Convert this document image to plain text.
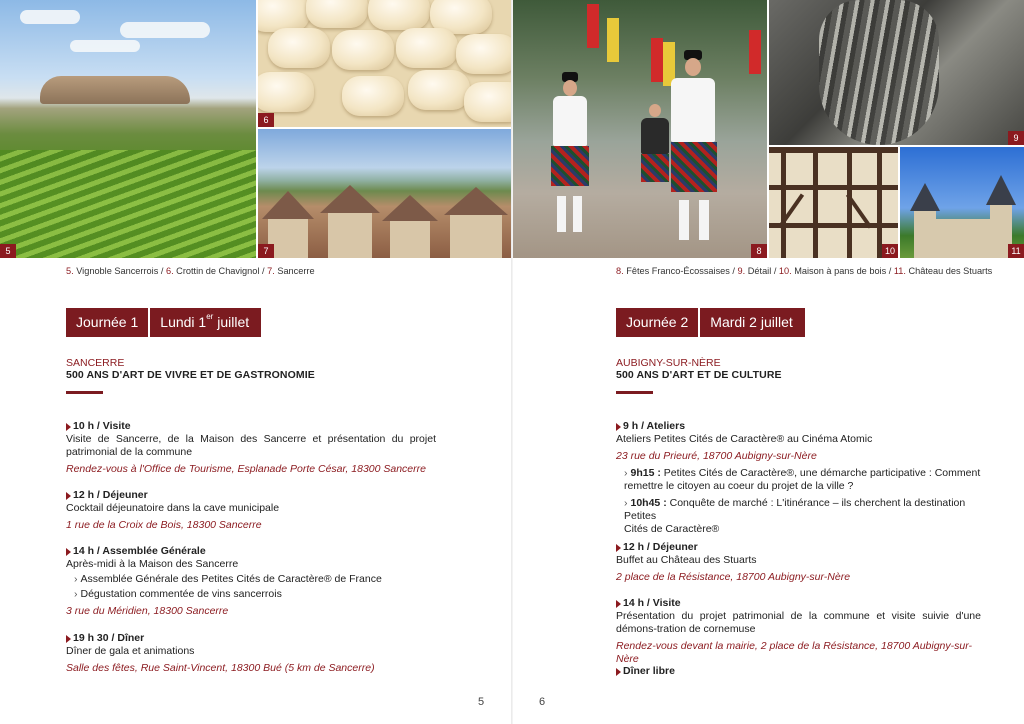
5
6
7	8
9
10	11
5. Vignoble Sancerrois / 6. Crottin de Chavignol / 7. Sancerre	8. Fêtes Franco-Écossaises / 9. Détail / 10. Maison à pans de bois / 11. Château des Stuarts
Journée 1	Lundi 1er juillet	Journée 2	Mardi 2 juillet
SANCERRE
500 ANS D'ART DE VIVRE ET DE GASTRONOMIE
10 h / Visite
Visite de Sancerre, de la Maison des Sancerre et présentation du projet patrimonial de la commune
Rendez-vous à l'Office de Tourisme, Esplanade Porte César, 18300 Sancerre
12 h / Déjeuner
Cocktail déjeunatoire dans la cave municipale
1 rue de la Croix de Bois, 18300 Sancerre
14 h / Assemblée Générale
Après-midi à la Maison des Sancerre
› Assemblée Générale des Petites Cités de Caractère® de France
› Dégustation commentée de vins sancerrois
3 rue du Méridien, 18300 Sancerre
19 h 30 / Dîner
Dîner de gala et animations
Salle des fêtes, Rue Saint-Vincent, 18300 Bué (5 km de Sancerre)
AUBIGNY-SUR-NÈRE
500 ANS D'ART ET DE CULTURE
9 h / Ateliers
Ateliers Petites Cités de Caractère® au Cinéma Atomic
23 rue du Prieuré, 18700 Aubigny-sur-Nère
› 9h15 : Petites Cités de Caractère®, une démarche participative : Comment
remettre le citoyen au coeur du projet de la ville ?
› 10h45 : Conquête de marché : L'itinérance – ils cherchent la destination Petites
Cités de Caractère®
12 h / Déjeuner
Buffet au Château des Stuarts
2 place de la Résistance, 18700 Aubigny-sur-Nère
14 h / Visite
Présentation du projet patrimonial de la commune et visite suivie d'une démons-tration de cornemuse
Rendez-vous devant la mairie, 2 place de la Résistance, 18700 Aubigny-sur-Nère
Dîner libre
5	6
